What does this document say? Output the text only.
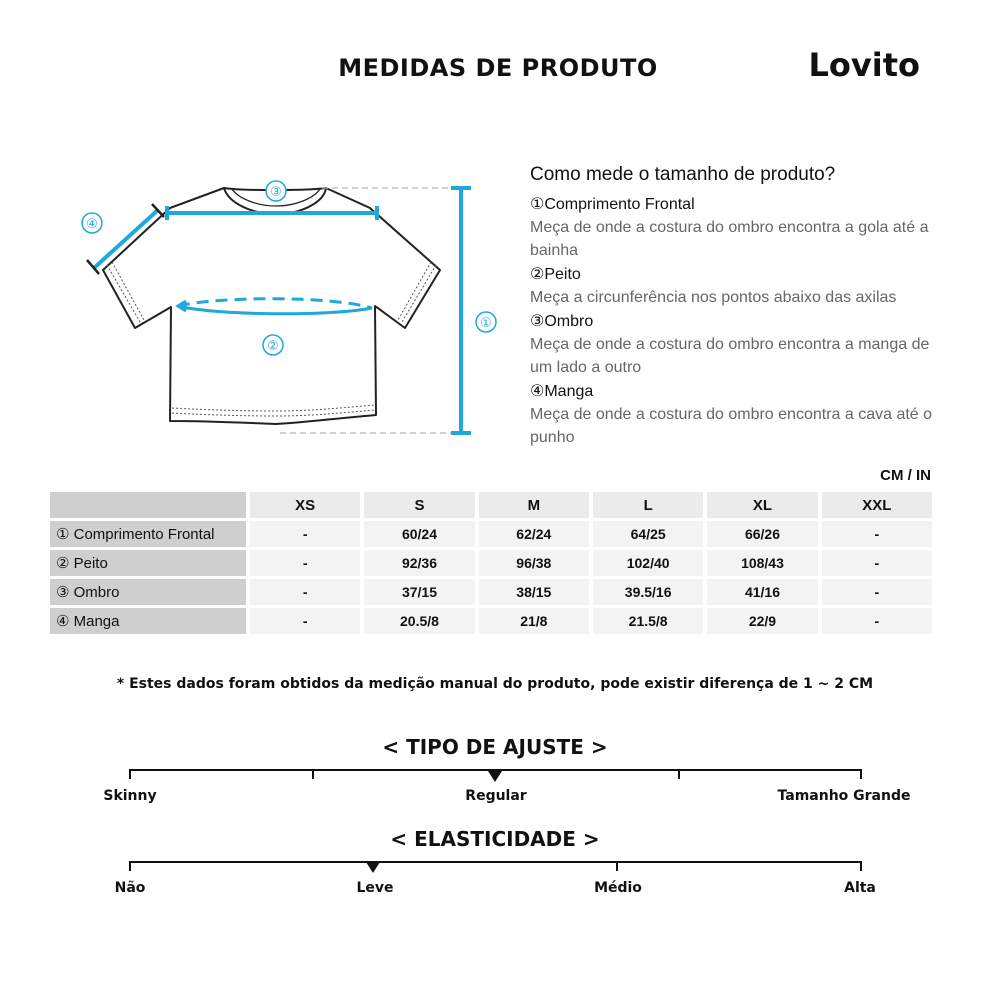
MEDIDAS DE PRODUTO	Lovito
①
②
③
④
Como mede o tamanho de produto?
①Comprimento Frontal
Meça de onde a costura do ombro encontra a gola até a bainha
②Peito
Meça a circunferência nos pontos abaixo das axilas
③Ombro
Meça de onde a costura do ombro encontra a manga de um lado a outro
④Manga
Meça de onde a costura do ombro encontra a cava até o punho
CM / IN
	XS	S	M	L	XL	XXL
① Comprimento Frontal	-	60/24	62/24	64/25	66/26	-
② Peito	-	92/36	96/38	102/40	108/43	-
③ Ombro	-	37/15	38/15	39.5/16	41/16	-
④ Manga	-	20.5/8	21/8	21.5/8	22/9	-
* Estes dados foram obtidos da medição manual do produto, pode existir diferença de 1 ~ 2 CM
< TIPO DE AJUSTE >
Skinny	Regular	Tamanho Grande
< ELASTICIDADE >
Não	Leve	Médio	Alta
